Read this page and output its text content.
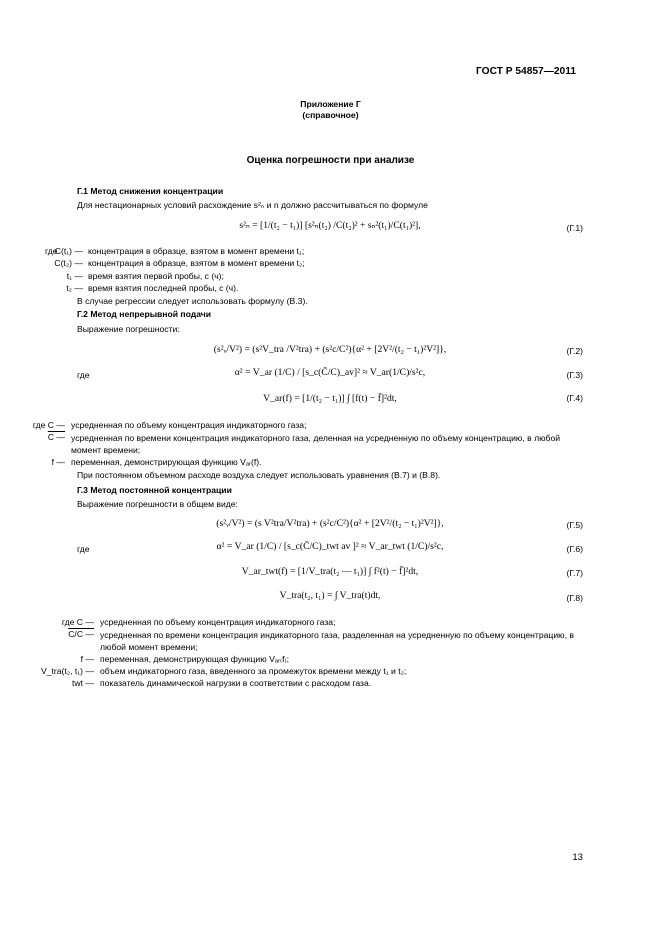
ГОСТ Р 54857—2011
Приложение Г
(справочное)
Оценка погрешности при анализе
Г.1 Метод снижения концентрации
Для нестационарных условий расхождение s²ₙ и n должно рассчитываться по формуле
s²ₙ = [1/(t₂ − t₁)] [s²ₙ(t₂) /C(t₂)² + sₙ²(t₁)/C(t₁)²],	(Г.1)
где
C(t₁) — концентрация в образце, взятом в момент времени t₁;
C(t₂) — концентрация в образце, взятом в момент времени t₂;
t₁ — время взятия первой пробы, с (ч);
t₂ — время взятия последней пробы, с (ч).
В случае регрессии следует использовать формулу (В.3).
Г.2 Метод непрерывной подачи
Выражение погрешности:
(s²ᵥ/V²) = (s²V_tra /V²tra) + (s²c/C²){α² + [2V²/(t₂ − t₁)²V²]},	(Г.2)
где	α² = V_ar (1/C) / [s_c(C̄/C)_av]² ≈ V_ar(1/C)/s²c,	(Г.3)
V_ar(f) = [1/(t₂ − t₁)] ∫ [f(t) − f̄]²dt,	(Г.4)
где C — усредненная по объему концентрация индикаторного газа;
C — усредненная по времени концентрация индикаторного газа, деленная на усредненную по объему концентрацию, в любой момент времени;
f — переменная, демонстрирующая функцию Vₐᵣ(f).
При постоянном объемном расходе воздуха следует использовать уравнения (В.7) и (В.8).
Г.3 Метод постоянной концентрации
Выражение погрешности в общем виде:
(s²ᵥ/V²) = (s V²tra/V²tra) + (s²c/C²){α² + [2V²/(t₂ − t₁)²V²]},	(Г.5)
где	α² = V_ar (1/C) / [s_c(C̄/C)_twt av ]² ≈ V_ar_twt (1/C)/s²c,	(Г.6)
V_ar_twt(f) = [1/V_tra(t₂ — t₁)] ∫ f²(t) − f̄]²dt,	(Г.7)
V_tra(t₂, t₁) = ∫ V_tra(t)dt,	(Г.8)
где C — усредненная по объему концентрация индикаторного газа;
C/C — усредненная по времени концентрация индикаторного газа, разделенная на усредненную по объему концентрацию, в любой момент времени;
f — переменная, демонстрирующая функцию Vₐᵣ₍f₎;
V_tra(t₂, t₁) — объем индикаторного газа, введенного за промежуток времени между t₁ и t₂;
twt — показатель динамической нагрузки в соответствии с расходом газа.
13
